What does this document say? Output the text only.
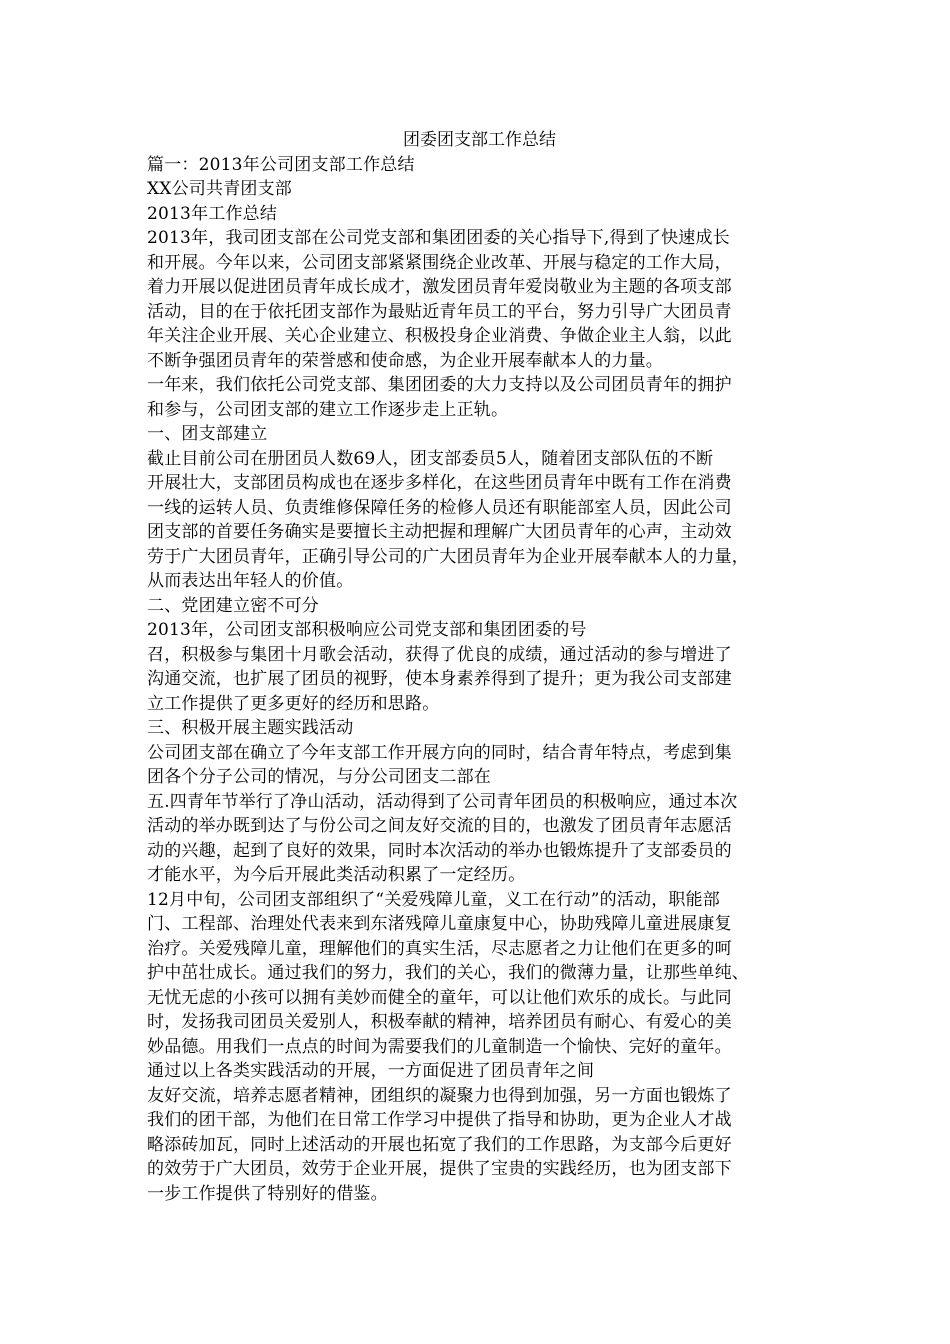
团委团支部工作总结
篇一：2013年公司团支部工作总结
XX公司共青团支部
2013年工作总结
2013年，我司团支部在公司党支部和集团团委的关心指导下,得到了快速成长
和开展。今年以来，公司团支部紧紧围绕企业改革、开展与稳定的工作大局，
着力开展以促进团员青年成长成才，激发团员青年爱岗敬业为主题的各项支部
活动，目的在于依托团支部作为最贴近青年员工的平台，努力引导广大团员青
年关注企业开展、关心企业建立、积极投身企业消费、争做企业主人翁，以此
不断争强团员青年的荣誉感和使命感，为企业开展奉献本人的力量。
一年来，我们依托公司党支部、集团团委的大力支持以及公司团员青年的拥护
和参与，公司团支部的建立工作逐步走上正轨。
一、团支部建立
截止目前公司在册团员人数69人，团支部委员5人，随着团支部队伍的不断
开展壮大，支部团员构成也在逐步多样化，在这些团员青年中既有工作在消费
一线的运转人员、负责维修保障任务的检修人员还有职能部室人员，因此公司
团支部的首要任务确实是要擅长主动把握和理解广大团员青年的心声，主动效
劳于广大团员青年，正确引导公司的广大团员青年为企业开展奉献本人的力量，
从而表达出年轻人的价值。
二、党团建立密不可分
2013年，公司团支部积极响应公司党支部和集团团委的号
召，积极参与集团十月歌会活动，获得了优良的成绩，通过活动的参与增进了
沟通交流，也扩展了团员的视野，使本身素养得到了提升；更为我公司支部建
立工作提供了更多更好的经历和思路。
三、积极开展主题实践活动
公司团支部在确立了今年支部工作开展方向的同时，结合青年特点，考虑到集
团各个分子公司的情况，与分公司团支二部在
五.四青年节举行了净山活动，活动得到了公司青年团员的积极响应，通过本次
活动的举办既到达了与份公司之间友好交流的目的，也激发了团员青年志愿活
动的兴趣，起到了良好的效果，同时本次活动的举办也锻炼提升了支部委员的
才能水平，为今后开展此类活动积累了一定经历。
12月中旬，公司团支部组织了“关爱残障儿童，义工在行动”的活动，职能部
门、工程部、治理处代表来到东渚残障儿童康复中心，协助残障儿童进展康复
治疗。关爱残障儿童，理解他们的真实生活，尽志愿者之力让他们在更多的呵
护中茁壮成长。通过我们的努力，我们的关心，我们的微薄力量，让那些单纯、
无忧无虑的小孩可以拥有美妙而健全的童年，可以让他们欢乐的成长。与此同
时，发扬我司团员关爱别人，积极奉献的精神，培养团员有耐心、有爱心的美
妙品德。用我们一点点的时间为需要我们的儿童制造一个愉快、完好的童年。
通过以上各类实践活动的开展，一方面促进了团员青年之间
友好交流，培养志愿者精神，团组织的凝聚力也得到加强，另一方面也锻炼了
我们的团干部，为他们在日常工作学习中提供了指导和协助，更为企业人才战
略添砖加瓦，同时上述活动的开展也拓宽了我们的工作思路，为支部今后更好
的效劳于广大团员，效劳于企业开展，提供了宝贵的实践经历，也为团支部下
一步工作提供了特别好的借鉴。
